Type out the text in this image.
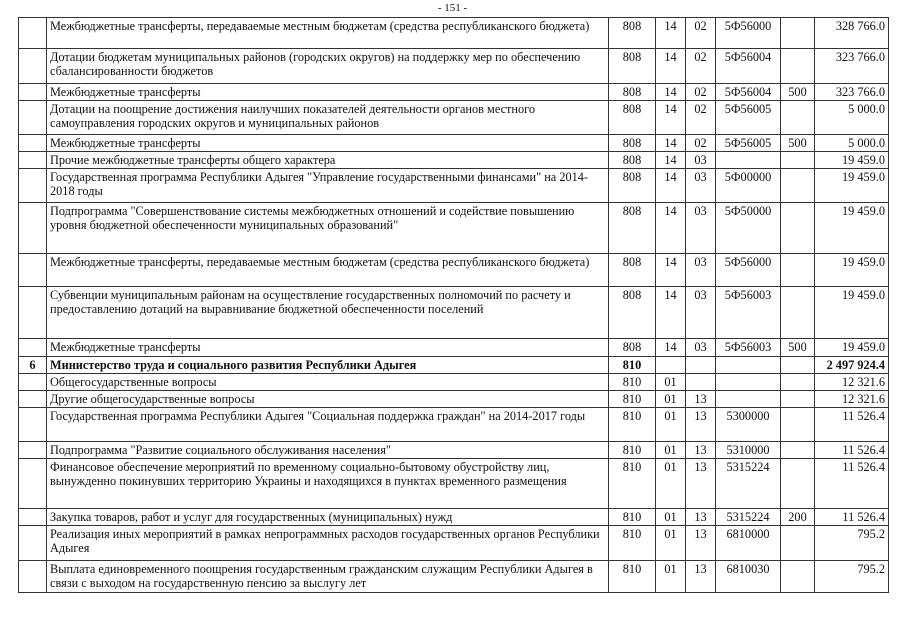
- 151 -
	Межбюджетные трансферты, передаваемые местным бюджетам (средства республиканского бюджета)	808	14	02	5Ф56000		328 766.0
	Дотации бюджетам муниципальных районов (городских округов) на поддержку мер по обеспечению сбалансированности бюджетов	808	14	02	5Ф56004		323 766.0
	Межбюджетные трансферты	808	14	02	5Ф56004	500	323 766.0
	Дотации на поощрение достижения наилучших показателей деятельности органов местного самоуправления городских округов и муниципальных районов	808	14	02	5Ф56005		5 000.0
	Межбюджетные трансферты	808	14	02	5Ф56005	500	5 000.0
	Прочие межбюджетные трансферты общего характера	808	14	03			19 459.0
	Государственная программа Республики Адыгея "Управление государственными финансами" на 2014-2018 годы	808	14	03	5Ф00000		19 459.0
	Подпрограмма "Совершенствование системы межбюджетных отношений и содействие повышению уровня бюджетной обеспеченности муниципальных образований"	808	14	03	5Ф50000		19 459.0
	Межбюджетные трансферты, передаваемые местным бюджетам (средства республиканского бюджета)	808	14	03	5Ф56000		19 459.0
	Субвенции муниципальным районам на осуществление государственных полномочий по расчету и предоставлению дотаций на выравнивание бюджетной обеспеченности поселений	808	14	03	5Ф56003		19 459.0
	Межбюджетные трансферты	808	14	03	5Ф56003	500	19 459.0
6	Министерство труда и социального развития Республики Адыгея	810					2 497 924.4
	Общегосударственные вопросы	810	01				12 321.6
	Другие общегосударственные вопросы	810	01	13			12 321.6
	Государственная программа Республики Адыгея "Социальная поддержка граждан" на 2014-2017 годы	810	01	13	5300000		11 526.4
	Подпрограмма "Развитие социального обслуживания населения"	810	01	13	5310000		11 526.4
	Финансовое обеспечение мероприятий по временному социально-бытовому обустройству лиц, вынужденно покинувших территорию Украины и находящихся в пунктах временного размещения	810	01	13	5315224		11 526.4
	Закупка товаров, работ и услуг для государственных (муниципальных) нужд	810	01	13	5315224	200	11 526.4
	Реализация иных мероприятий в рамках непрограммных расходов государственных органов Республики Адыгея	810	01	13	6810000		795.2
	Выплата единовременного поощрения государственным гражданским служащим Республики Адыгея в связи с выходом на государственную пенсию за выслугу лет	810	01	13	6810030		795.2
